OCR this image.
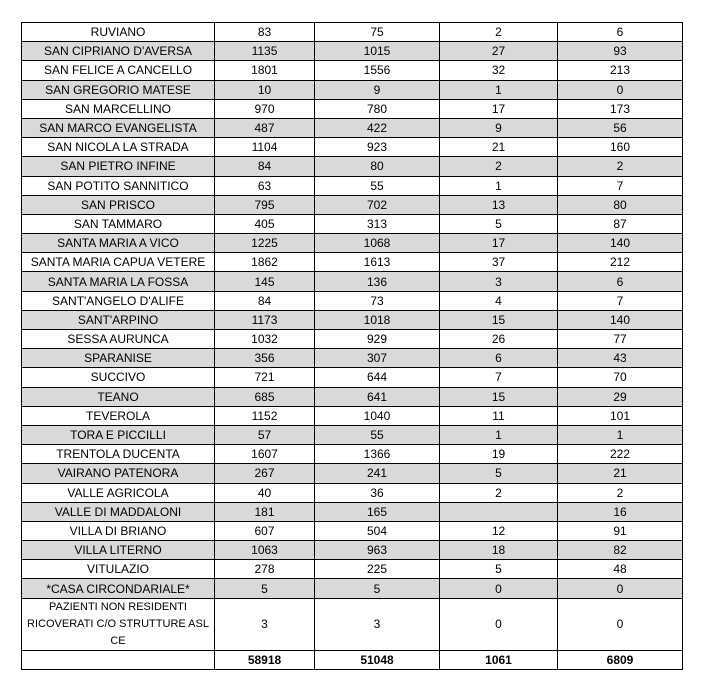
RUVIANO	83	75	2	6
SAN CIPRIANO D'AVERSA	1135	1015	27	93
SAN FELICE A CANCELLO	1801	1556	32	213
SAN GREGORIO MATESE	10	9	1	0
SAN MARCELLINO	970	780	17	173
SAN MARCO EVANGELISTA	487	422	9	56
SAN NICOLA LA STRADA	1104	923	21	160
SAN PIETRO INFINE	84	80	2	2
SAN POTITO SANNITICO	63	55	1	7
SAN PRISCO	795	702	13	80
SAN TAMMARO	405	313	5	87
SANTA MARIA A VICO	1225	1068	17	140
SANTA MARIA CAPUA VETERE	1862	1613	37	212
SANTA MARIA LA FOSSA	145	136	3	6
SANT'ANGELO D'ALIFE	84	73	4	7
SANT'ARPINO	1173	1018	15	140
SESSA AURUNCA	1032	929	26	77
SPARANISE	356	307	6	43
SUCCIVO	721	644	7	70
TEANO	685	641	15	29
TEVEROLA	1152	1040	11	101
TORA E PICCILLI	57	55	1	1
TRENTOLA DUCENTA	1607	1366	19	222
VAIRANO PATENORA	267	241	5	21
VALLE AGRICOLA	40	36	2	2
VALLE DI MADDALONI	181	165		16
VILLA DI BRIANO	607	504	12	91
VILLA LITERNO	1063	963	18	82
VITULAZIO	278	225	5	48
*CASA CIRCONDARIALE*	5	5	0	0
PAZIENTI NON RESIDENTI RICOVERATI C/O STRUTTURE ASL CE	3	3	0	0
	58918	51048	1061	6809
